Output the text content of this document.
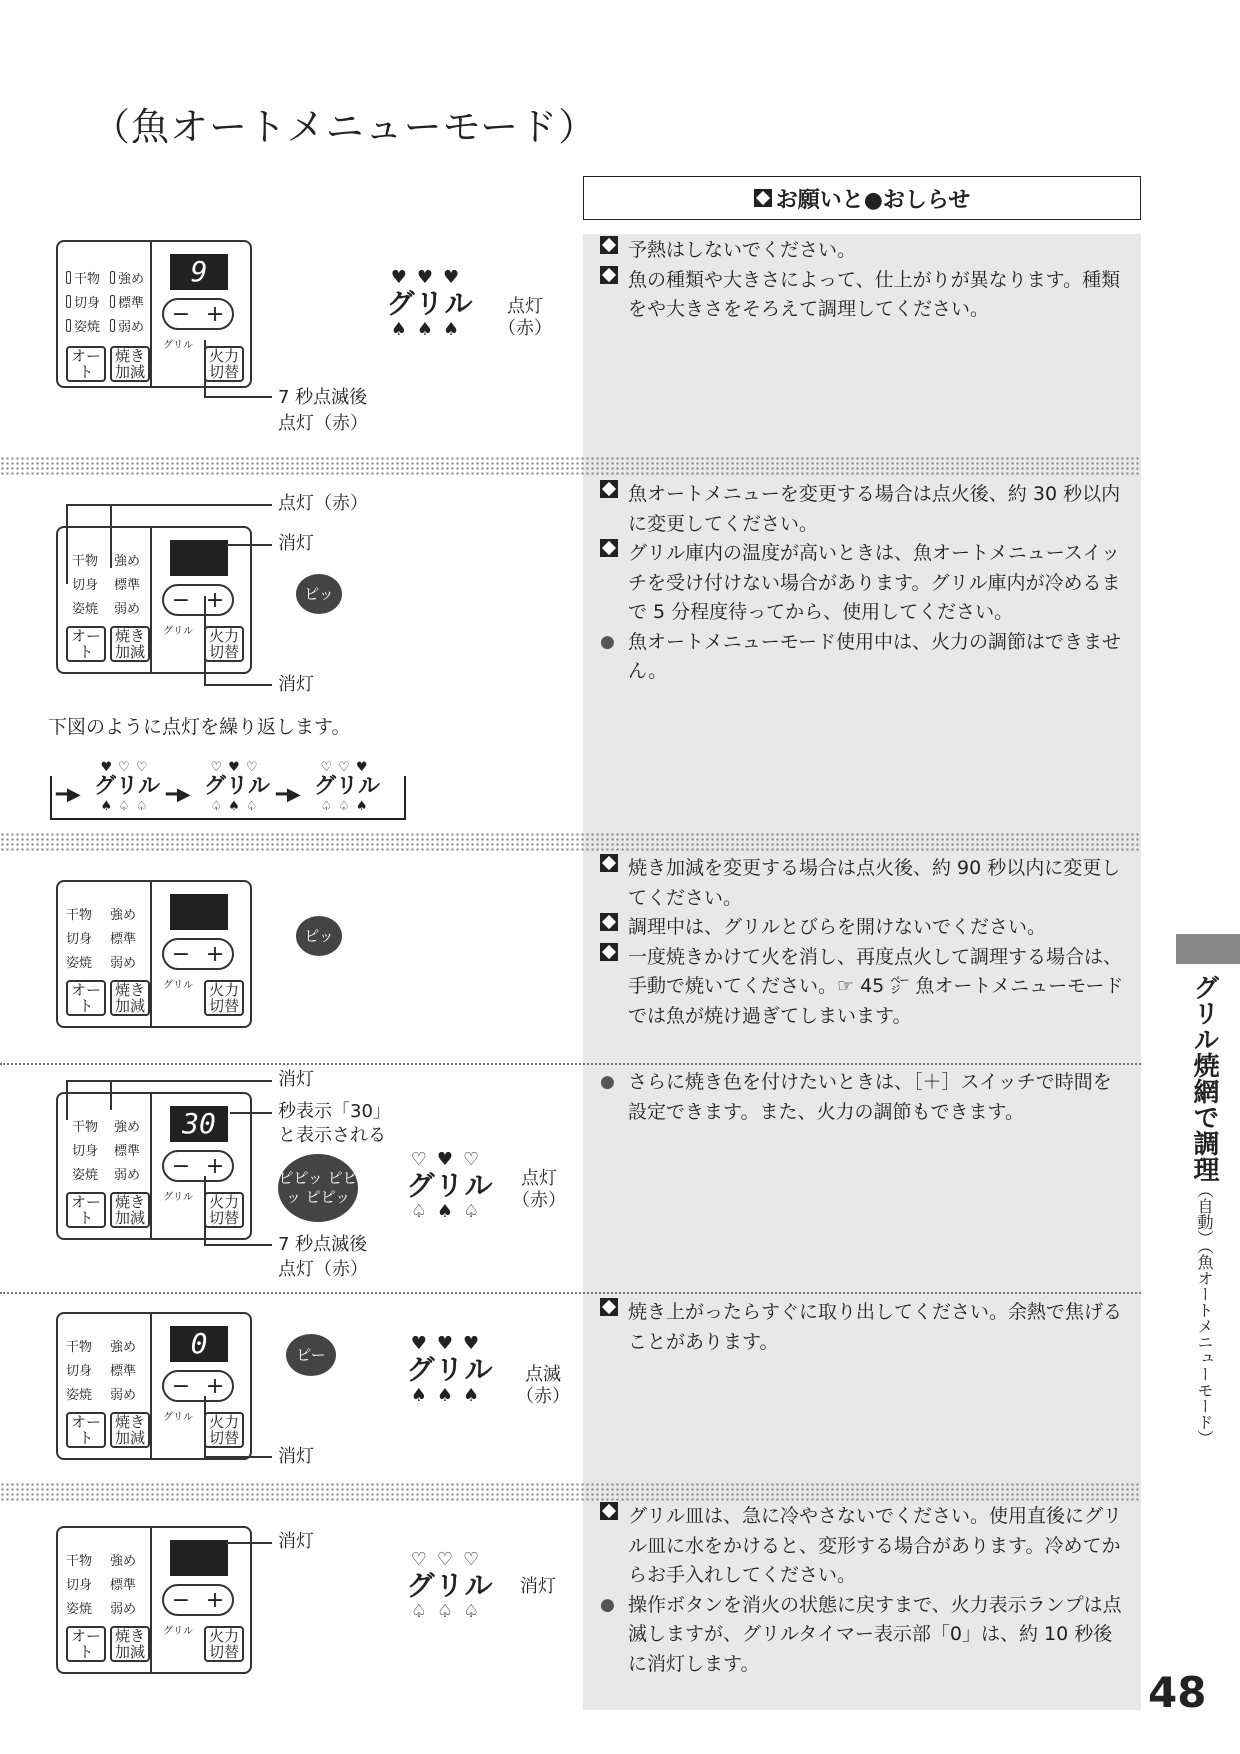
（魚オートメニューモード）
お願いと●おしらせ
干物
切身
姿焼
強め
標準
弱め
オート
焼き加減
9
− +
グリル
火力切替
7 秒点滅後
点灯（赤）
♥♥♥
グリル
♠♠♠
点灯
（赤）
予熱はしないでください。
魚の種類や大きさによって、仕上がりが異なります。種類をや大きさをそろえて調理してください。
干物
切身
姿焼
強め
標準
弱め
オート
焼き加減
− +
グリル	火力切替
点灯（赤）
消灯
消灯
ピッ
下図のように点灯を繰り返します。
━▶
♥♡♡
グリル
♠♤♤
━▶
♡♥♡
グリル
♤♠♤
━▶
♡♡♥
グリル
♤♤♠
魚オートメニューを変更する場合は点火後、約 30 秒以内に変更してください。
グリル庫内の温度が高いときは、魚オートメニュースイッチを受け付けない場合があります。グリル庫内が冷めるまで 5 分程度待ってから、使用してください。
● 魚オートメニューモード使用中は、火力の調節はできません。
干物
切身
姿焼
強め
標準
弱め
オート
焼き加減
− +
グリル	火力切替
ピッ
焼き加減を変更する場合は点火後、約 90 秒以内に変更してください。
調理中は、グリルとびらを開けないでください。
一度焼きかけて火を消し、再度点火して調理する場合は、手動で焼いてください。☞ 45 ㌻ 魚オートメニューモードでは魚が焼け過ぎてしまいます。
干物
切身
姿焼
強め
標準
弱め
オート
焼き加減
30
− +
グリル	火力切替
消灯
秒表示「30」
と表示される
7 秒点滅後
点灯（赤）
ピピッ ピピッ ピピッ
♡♥♡
グリル
♤♠♤
点灯
（赤）
● さらに焼き色を付けたいときは、［＋］スイッチで時間を設定できます。また、火力の調節もできます。
干物
切身
姿焼
強め
標準
弱め
オート
焼き加減
0
− +
グリル	火力切替
消灯
ピー
♥♥♥
グリル
♠♠♠
点滅
（赤）
焼き上がったらすぐに取り出してください。余熱で焦げることがあります。
干物
切身
姿焼
強め
標準
弱め
オート
焼き加減
− +
グリル	火力切替
消灯
♡♡♡
グリル
♤♤♤
消灯
グリル皿は、急に冷やさないでください。使用直後にグリル皿に水をかけると、変形する場合があります。冷めてからお手入れしてください。
● 操作ボタンを消火の状態に戻すまで、火力表示ランプは点滅しますが、グリルタイマー表示部「0」は、約 10 秒後に消灯します。
グリル焼網で調理（自動）（魚オートメニューモード）
48
